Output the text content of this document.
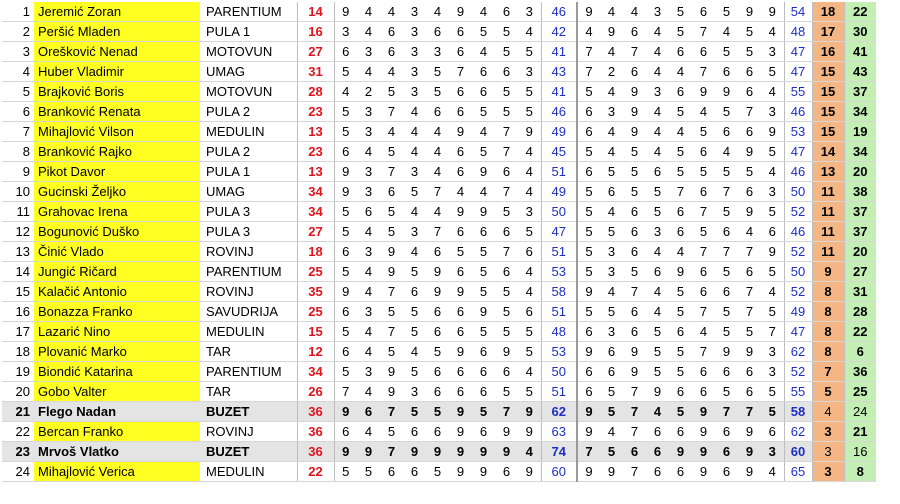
1	Jeremić Zoran	PARENTIUM	14	9	4	4	3	4	9	4	6	3	46	9	4	4	3	5	6	5	9	9	54	18	22
2	Peršić Mladen	PULA 1	16	3	4	6	3	6	6	5	5	4	42	4	9	6	4	5	7	4	5	4	48	17	30
3	Orešković Nenad	MOTOVUN	27	6	3	6	3	3	6	4	5	5	41	7	4	7	4	6	6	5	5	3	47	16	41
4	Huber Vladimir	UMAG	31	5	4	4	3	5	7	6	6	3	43	7	2	6	4	4	7	6	6	5	47	15	43
5	Brajković Boris	MOTOVUN	28	4	2	5	3	5	6	6	5	5	41	5	4	9	3	6	9	9	6	4	55	15	37
6	Branković Renata	PULA 2	23	5	3	7	4	6	6	5	5	5	46	6	3	9	4	5	4	5	7	3	46	15	34
7	Mihajlović Vilson	MEDULIN	13	5	3	4	4	4	9	4	7	9	49	6	4	9	4	4	5	6	6	9	53	15	19
8	Branković Rajko	PULA 2	23	6	4	5	4	4	6	5	7	4	45	5	4	5	4	5	6	4	9	5	47	14	34
9	Pikot Davor	PULA 1	13	9	3	7	3	4	6	9	6	4	51	6	5	5	6	5	5	5	5	4	46	13	20
10	Gucinski Željko	UMAG	34	9	3	6	5	7	4	4	7	4	49	5	6	5	5	7	6	7	6	3	50	11	38
11	Grahovac Irena	PULA 3	34	5	6	5	4	4	9	9	5	3	50	5	4	6	5	6	7	5	9	5	52	11	37
12	Bogunović Duško	PULA 3	27	5	4	5	3	7	6	6	6	5	47	5	5	6	3	6	5	6	4	6	46	11	37
13	Činić Vlado	ROVINJ	18	6	3	9	4	6	5	5	7	6	51	5	3	6	4	4	7	7	7	9	52	11	20
14	Jungić Ričard	PARENTIUM	25	5	4	9	5	9	6	5	6	4	53	5	3	5	6	9	6	5	6	5	50	9	27
15	Kalačić Antonio	ROVINJ	35	9	4	7	6	9	9	5	5	4	58	9	4	7	4	5	6	6	7	4	52	8	31
16	Bonazza Franko	SAVUDRIJA	25	6	3	5	5	6	6	9	5	6	51	5	5	6	4	5	7	5	7	5	49	8	28
17	Lazarić Nino	MEDULIN	15	5	4	7	5	6	6	5	5	5	48	6	3	6	5	6	4	5	5	7	47	8	22
18	Plovanić Marko	TAR	12	6	4	5	4	5	9	6	9	5	53	9	6	9	5	5	7	9	9	3	62	8	6
19	Biondić Katarina	PARENTIUM	34	5	3	9	5	6	6	6	6	4	50	6	6	9	5	5	6	6	6	3	52	7	36
20	Gobo Valter	TAR	26	7	4	9	3	6	6	6	5	5	51	6	5	7	9	6	6	5	6	5	55	5	25
21	Flego Nadan	BUZET	36	9	6	7	5	5	9	5	7	9	62	9	5	7	4	5	9	7	7	5	58	4	24
22	Bercan Franko	ROVINJ	36	6	4	5	6	6	9	6	9	9	63	9	4	7	6	6	9	6	9	6	62	3	21
23	Mrvoš Vlatko	BUZET	36	9	9	7	9	9	9	9	9	4	74	7	5	6	6	9	9	6	9	3	60	3	16
24	Mihajlović Verica	MEDULIN	22	5	5	6	6	5	9	9	6	9	60	9	9	7	6	6	9	6	9	4	65	3	8
